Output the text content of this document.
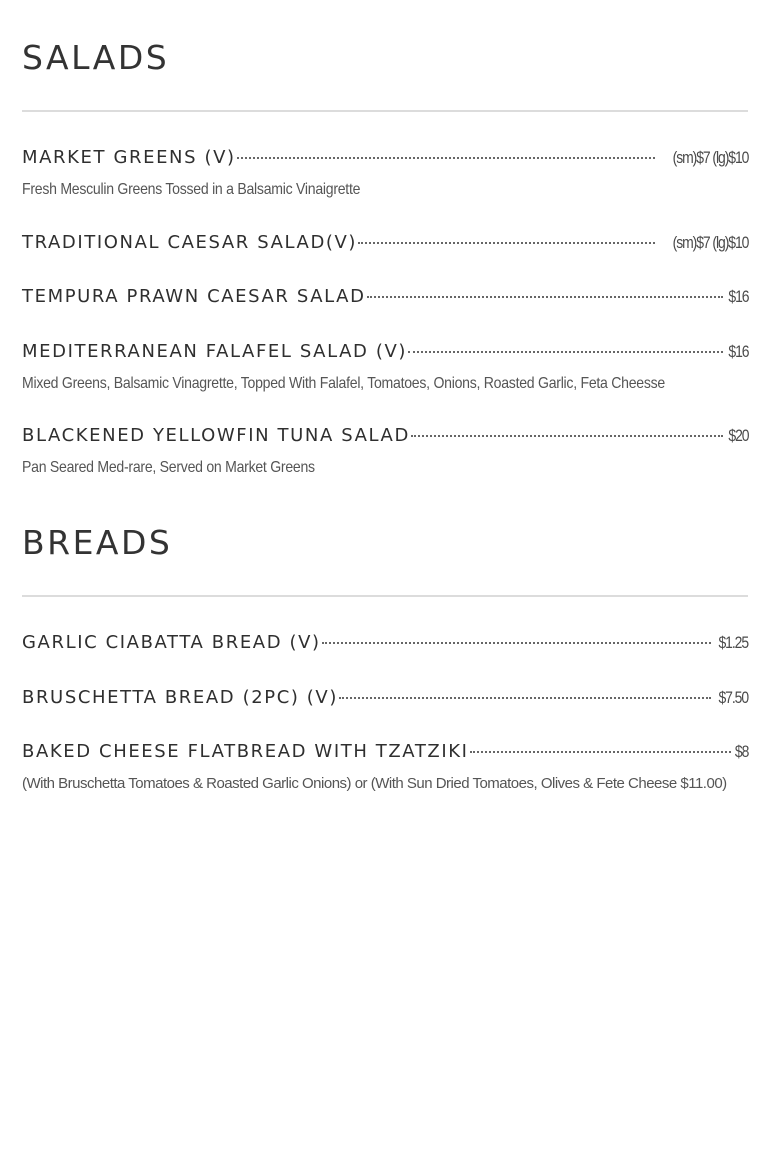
SALADS
MARKET GREENS (V)	(sm)$7 (lg)$10
Fresh Mesculin Greens Tossed in a Balsamic Vinaigrette
TRADITIONAL CAESAR SALAD(V)	(sm)$7 (lg)$10
TEMPURA PRAWN CAESAR SALAD	$16
MEDITERRANEAN FALAFEL SALAD (V)	$16
Mixed Greens, Balsamic Vinagrette, Topped With Falafel, Tomatoes, Onions, Roasted Garlic, Feta Cheesse
BLACKENED YELLOWFIN TUNA SALAD	$20
Pan Seared Med-rare, Served on Market Greens
BREADS
GARLIC CIABATTA BREAD (V)	$1.25
BRUSCHETTA BREAD (2PC) (V)	$7.50
BAKED CHEESE FLATBREAD WITH TZATZIKI	$8
(With Bruschetta Tomatoes & Roasted Garlic Onions) or (With Sun Dried Tomatoes, Olives & Fete Cheese $11.00)
